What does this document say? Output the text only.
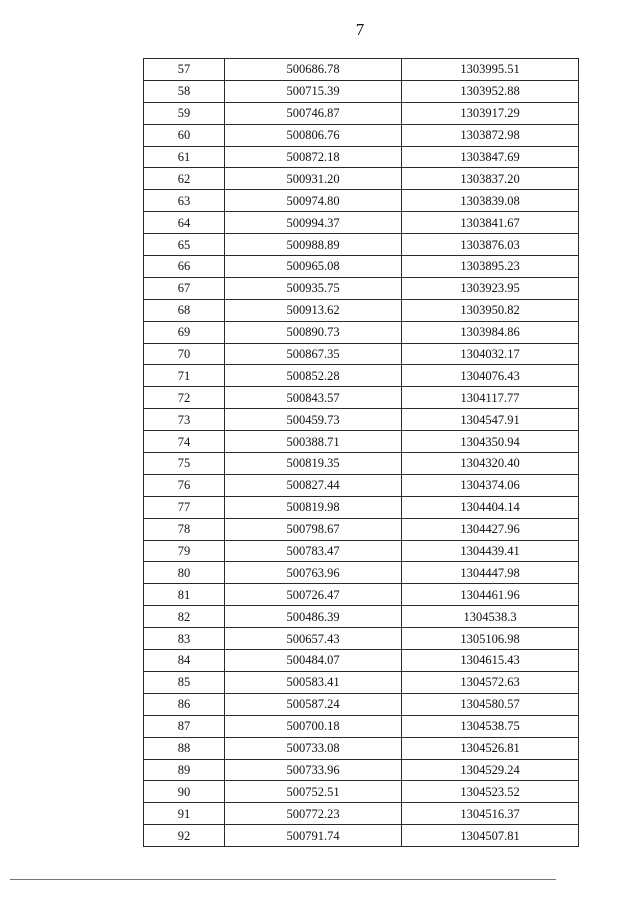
7
57	500686.78	1303995.51
58	500715.39	1303952.88
59	500746.87	1303917.29
60	500806.76	1303872.98
61	500872.18	1303847.69
62	500931.20	1303837.20
63	500974.80	1303839.08
64	500994.37	1303841.67
65	500988.89	1303876.03
66	500965.08	1303895.23
67	500935.75	1303923.95
68	500913.62	1303950.82
69	500890.73	1303984.86
70	500867.35	1304032.17
71	500852.28	1304076.43
72	500843.57	1304117.77
73	500459.73	1304547.91
74	500388.71	1304350.94
75	500819.35	1304320.40
76	500827.44	1304374.06
77	500819.98	1304404.14
78	500798.67	1304427.96
79	500783.47	1304439.41
80	500763.96	1304447.98
81	500726.47	1304461.96
82	500486.39	1304538.3
83	500657.43	1305106.98
84	500484.07	1304615.43
85	500583.41	1304572.63
86	500587.24	1304580.57
87	500700.18	1304538.75
88	500733.08	1304526.81
89	500733.96	1304529.24
90	500752.51	1304523.52
91	500772.23	1304516.37
92	500791.74	1304507.81
